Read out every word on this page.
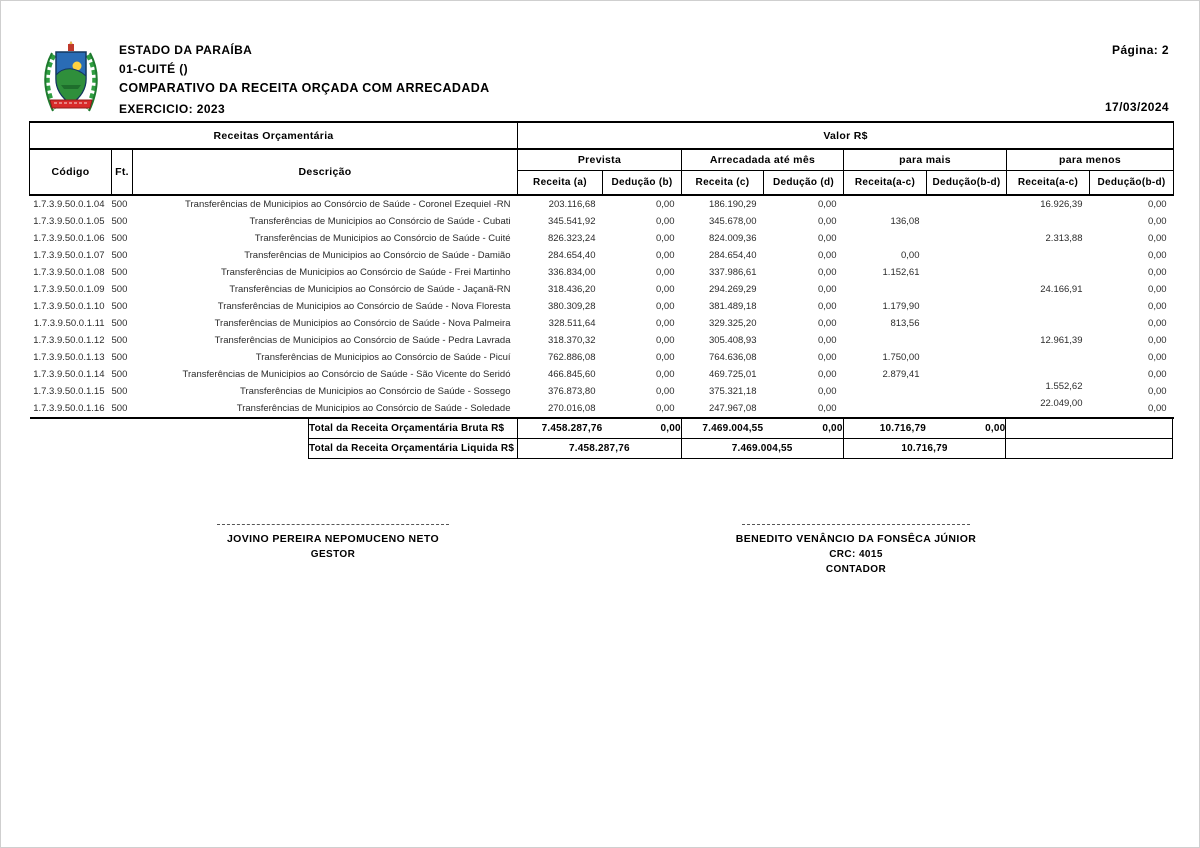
ESTADO DA PARAÍBA
01-CUITÉ ()
COMPARATIVO DA RECEITA ORÇADA COM ARRECADADA
EXERCICIO: 2023
Página: 2
17/03/2024
Receitas Orçamentária			Valor R$							
Código	Ft.	Descrição	Prevista		Arrecadada até mês		para mais		para menos	
			Receita (a)	Dedução (b)	Receita (c)	Dedução (d)	Receita(a-c)	Dedução(b-d)	Receita(a-c)	Dedução(b-d)
1.7.3.9.50.0.1.04	500	Transferências de Municipios ao Consórcio de Saúde - Coronel Ezequiel -RN	203.116,68	0,00	186.190,29	0,00			16.926,39	0,00
1.7.3.9.50.0.1.05	500	Transferências de Municipios ao Consórcio de Saúde - Cubati	345.541,92	0,00	345.678,00	0,00	136,08			0,00
1.7.3.9.50.0.1.06	500	Transferências de Municipios ao Consórcio de Saúde - Cuité	826.323,24	0,00	824.009,36	0,00			2.313,88	0,00
1.7.3.9.50.0.1.07	500	Transferências de Municipios ao Consórcio de Saúde - Damião	284.654,40	0,00	284.654,40	0,00	0,00			0,00
1.7.3.9.50.0.1.08	500	Transferências de Municipios ao Consórcio de Saúde - Frei Martinho	336.834,00	0,00	337.986,61	0,00	1.152,61			0,00
1.7.3.9.50.0.1.09	500	Transferências de Municipios ao Consórcio de Saúde - Jaçanã-RN	318.436,20	0,00	294.269,29	0,00			24.166,91	0,00
1.7.3.9.50.0.1.10	500	Transferências de Municipios ao Consórcio de Saúde - Nova Floresta	380.309,28	0,00	381.489,18	0,00	1.179,90			0,00
1.7.3.9.50.0.1.11	500	Transferências de Municipios ao Consórcio de Saúde - Nova Palmeira	328.511,64	0,00	329.325,20	0,00	813,56			0,00
1.7.3.9.50.0.1.12	500	Transferências de Municipios ao Consórcio de Saúde - Pedra Lavrada	318.370,32	0,00	305.408,93	0,00			12.961,39	0,00
1.7.3.9.50.0.1.13	500	Transferências de Municipios ao Consórcio de Saúde - Picuí	762.886,08	0,00	764.636,08	0,00	1.750,00			0,00
1.7.3.9.50.0.1.14	500	Transferências de Municipios ao Consórcio de Saúde - São Vicente do Seridó	466.845,60	0,00	469.725,01	0,00	2.879,41			0,00
1.7.3.9.50.0.1.15	500	Transferências de Municipios ao Consórcio de Saúde - Sossego	376.873,80	0,00	375.321,18	0,00			1.552,62	0,00
1.7.3.9.50.0.1.16	500	Transferências de Municipios ao Consórcio de Saúde - Soledade	270.016,08	0,00	247.967,08	0,00			22.049,00	0,00
Total da Receita Orçamentária Bruta R$	7.458.287,76	0,00	7.469.004,55	0,00	10.716,79	0,00	
Total da Receita Orçamentária Liquida R$	7.458.287,76		7.469.004,55		10.716,79		
JOVINO PEREIRA NEPOMUCENO NETO
GESTOR
BENEDITO VENÂNCIO DA FONSÊCA JÚNIOR
CRC: 4015
CONTADOR
